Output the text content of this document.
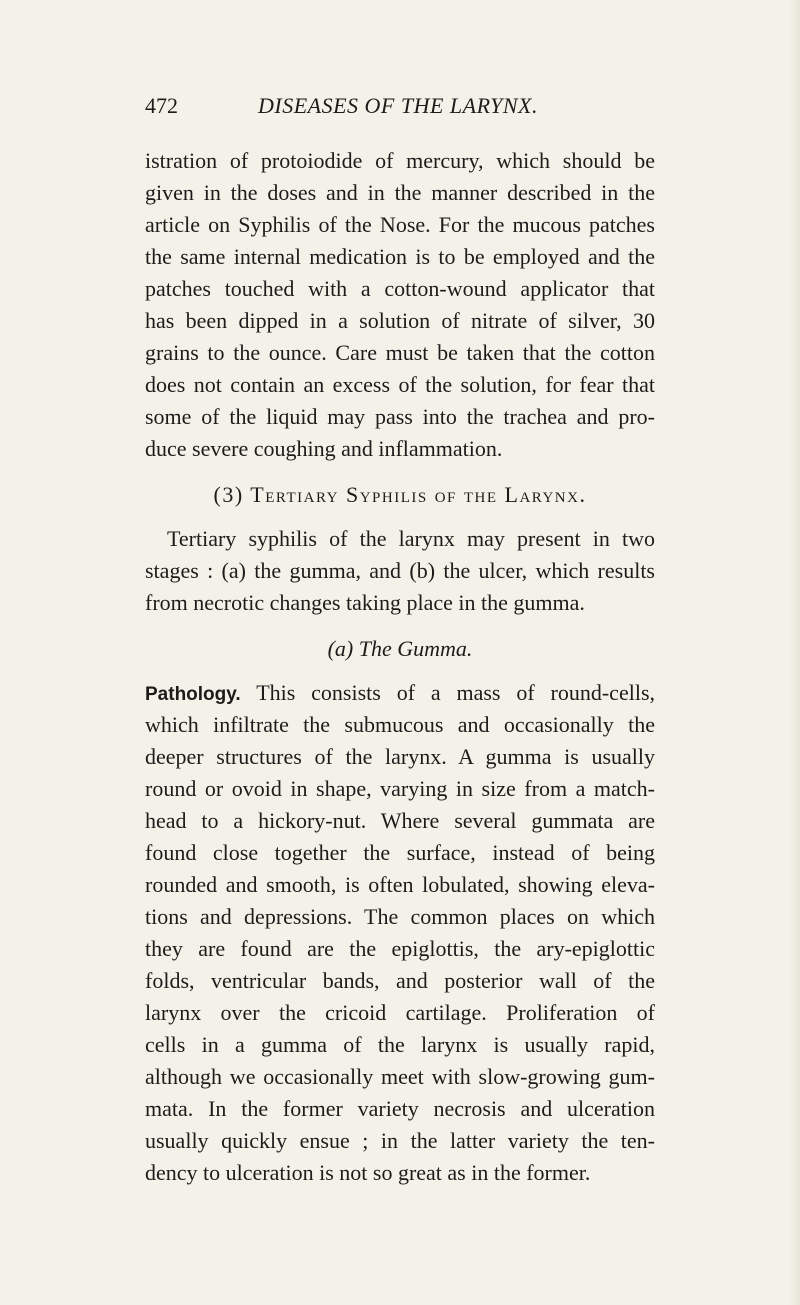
472	DISEASES OF THE LARYNX.
istration of protoiodide of mercury, which should be
given in the doses and in the manner described in the
article on Syphilis of the Nose. For the mucous patches
the same internal medication is to be employed and the
patches touched with a cotton-wound applicator that
has been dipped in a solution of nitrate of silver, 30
grains to the ounce. Care must be taken that the cotton
does not contain an excess of the solution, for fear that
some of the liquid may pass into the trachea and pro-
duce severe coughing and inflammation.
(3) Tertiary Syphilis of the Larynx.
Tertiary syphilis of the larynx may present in two
stages : (a) the gumma, and (b) the ulcer, which results
from necrotic changes taking place in the gumma.
(a) The Gumma.
Pathology. This consists of a mass of round-cells,
which infiltrate the submucous and occasionally the
deeper structures of the larynx. A gumma is usually
round or ovoid in shape, varying in size from a match-
head to a hickory-nut. Where several gummata are
found close together the surface, instead of being
rounded and smooth, is often lobulated, showing eleva-
tions and depressions. The common places on which
they are found are the epiglottis, the ary-epiglottic
folds, ventricular bands, and posterior wall of the
larynx over the cricoid cartilage. Proliferation of
cells in a gumma of the larynx is usually rapid,
although we occasionally meet with slow-growing gum-
mata. In the former variety necrosis and ulceration
usually quickly ensue ; in the latter variety the ten-
dency to ulceration is not so great as in the former.
